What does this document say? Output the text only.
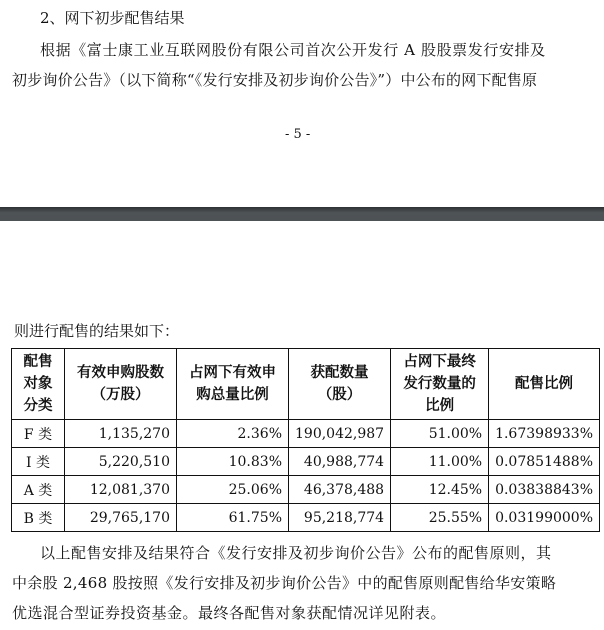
2、网下初步配售结果
根据《富士康工业互联网股份有限公司首次公开发行 A 股股票发行安排及
初步询价公告》（以下简称“《发行安排及初步询价公告》”）中公布的网下配售原
- 5 -
则进行配售的结果如下：
配售对象分类	有效申购股数（万股）	占网下有效申购总量比例	获配数量（股）	占网下最终发行数量的比例	配售比例
F 类	1,135,270	2.36%	190,042,987	51.00%	1.67398933%
I 类	5,220,510	10.83%	40,988,774	11.00%	0.07851488%
A 类	12,081,370	25.06%	46,378,488	12.45%	0.03838843%
B 类	29,765,170	61.75%	95,218,774	25.55%	0.03199000%
以上配售安排及结果符合《发行安排及初步询价公告》公布的配售原则，其
中余股 2,468 股按照《发行安排及初步询价公告》中的配售原则配售给华安策略
优选混合型证券投资基金。最终各配售对象获配情况详见附表。
